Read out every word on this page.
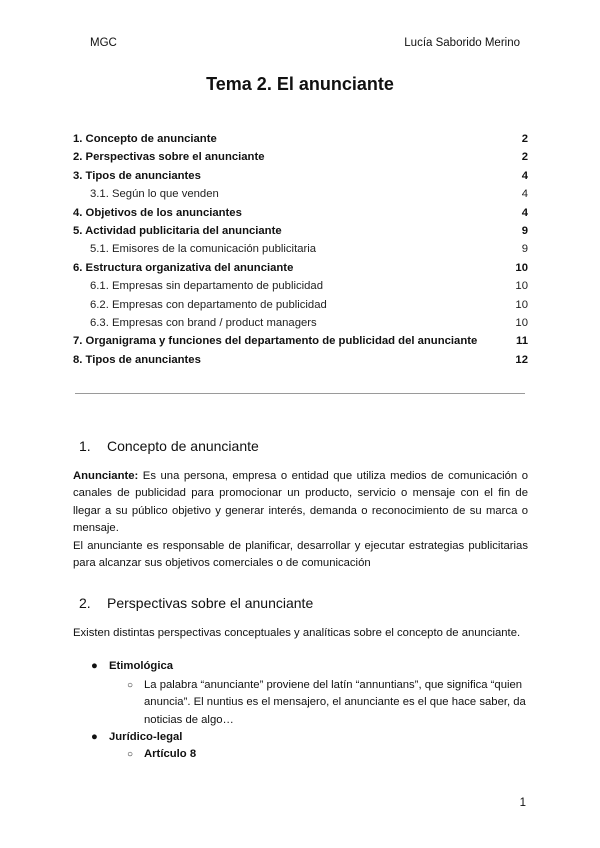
MGC	Lucía Saborido Merino
Tema 2. El anunciante
1. Concepto de anunciante	2
2. Perspectivas sobre el anunciante	2
3. Tipos de anunciantes	4
3.1. Según lo que venden	4
4. Objetivos de los anunciantes	4
5. Actividad publicitaria del anunciante	9
5.1. Emisores de la comunicación publicitaria	9
6. Estructura organizativa del anunciante	10
6.1. Empresas sin departamento de publicidad	10
6.2. Empresas con departamento de publicidad	10
6.3. Empresas con brand / product managers	10
7. Organigrama y funciones del departamento de publicidad del anunciante	11
8. Tipos de anunciantes	12
1. Concepto de anunciante

Anunciante: Es una persona, empresa o entidad que utiliza medios de comunicación o canales de publicidad para promocionar un producto, servicio o mensaje con el fin de llegar a su público objetivo y generar interés, demanda o reconocimiento de su marca o mensaje.

El anunciante es responsable de planificar, desarrollar y ejecutar estrategias publicitarias para alcanzar sus objetivos comerciales o de comunicación

2. Perspectivas sobre el anunciante

Existen distintas perspectivas conceptuales y analíticas sobre el concepto de anunciante.

● Etimológica
○ La palabra “anunciante” proviene del latín “annuntians”, que significa “quien anuncia”. El nuntius es el mensajero, el anunciante es el que hace saber, da noticias de algo…
● Jurídico-legal
○ Artículo 8
1
